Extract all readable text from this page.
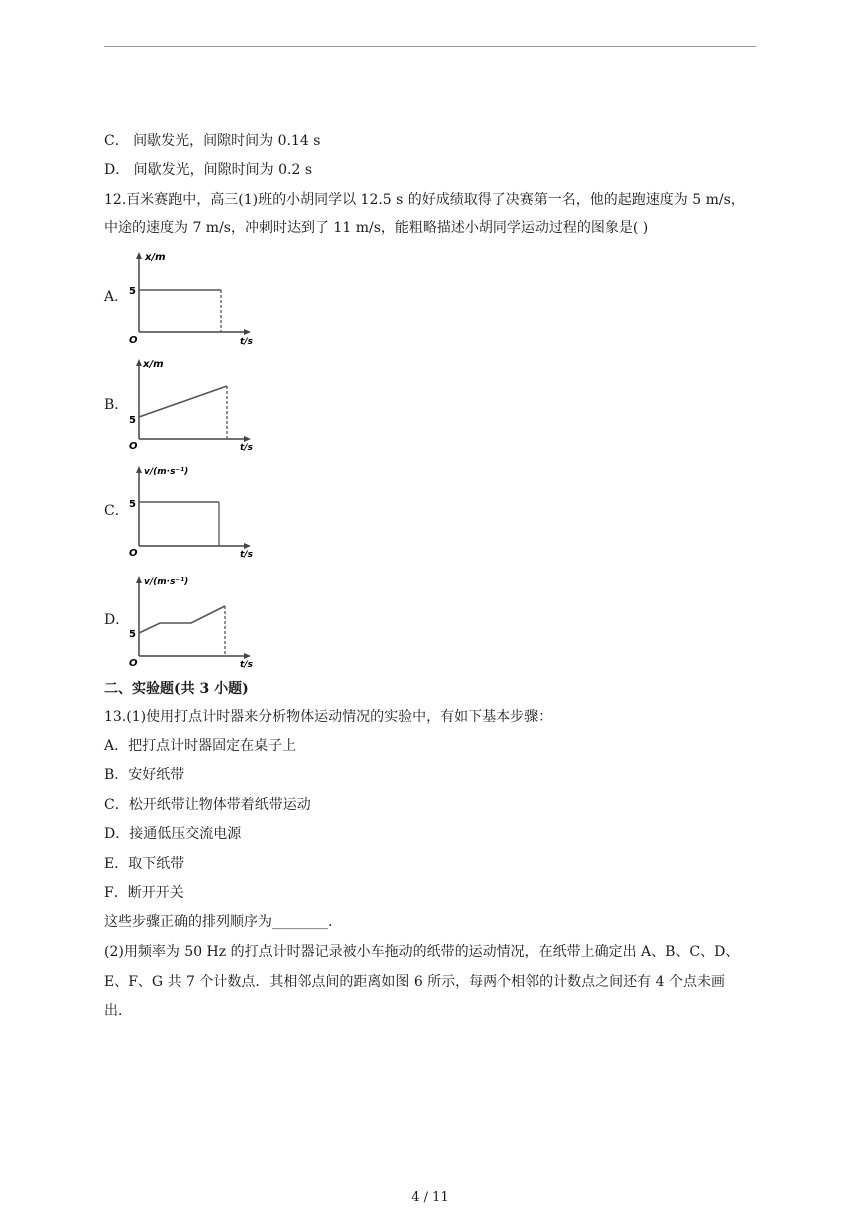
C． 间歇发光，间隙时间为 0.14 s
D． 间歇发光，间隙时间为 0.2 s
12.百米赛跑中，高三(1)班的小胡同学以 12.5 s 的好成绩取得了决赛第一名，他的起跑速度为 5 m/s，
中途的速度为 7 m/s，冲刺时达到了 11 m/s，能粗略描述小胡同学运动过程的图象是( )
A．
x/m
5
O	t/s
B．
x/m
5
O	t/s
C．
v/(m·s⁻¹)
5
O	t/s
D．
v/(m·s⁻¹)
5
O	t/s
二、实验题(共 3 小题)
13.(1)使用打点计时器来分析物体运动情况的实验中，有如下基本步骤：
A．把打点计时器固定在桌子上
B．安好纸带
C．松开纸带让物体带着纸带运动
D．接通低压交流电源
E．取下纸带
F．断开开关
这些步骤正确的排列顺序为________.
(2)用频率为 50 Hz 的打点计时器记录被小车拖动的纸带的运动情况，在纸带上确定出 A、B、C、D、
E、F、G 共 7 个计数点．其相邻点间的距离如图 6 所示，每两个相邻的计数点之间还有 4 个点未画
出．
4 / 11
